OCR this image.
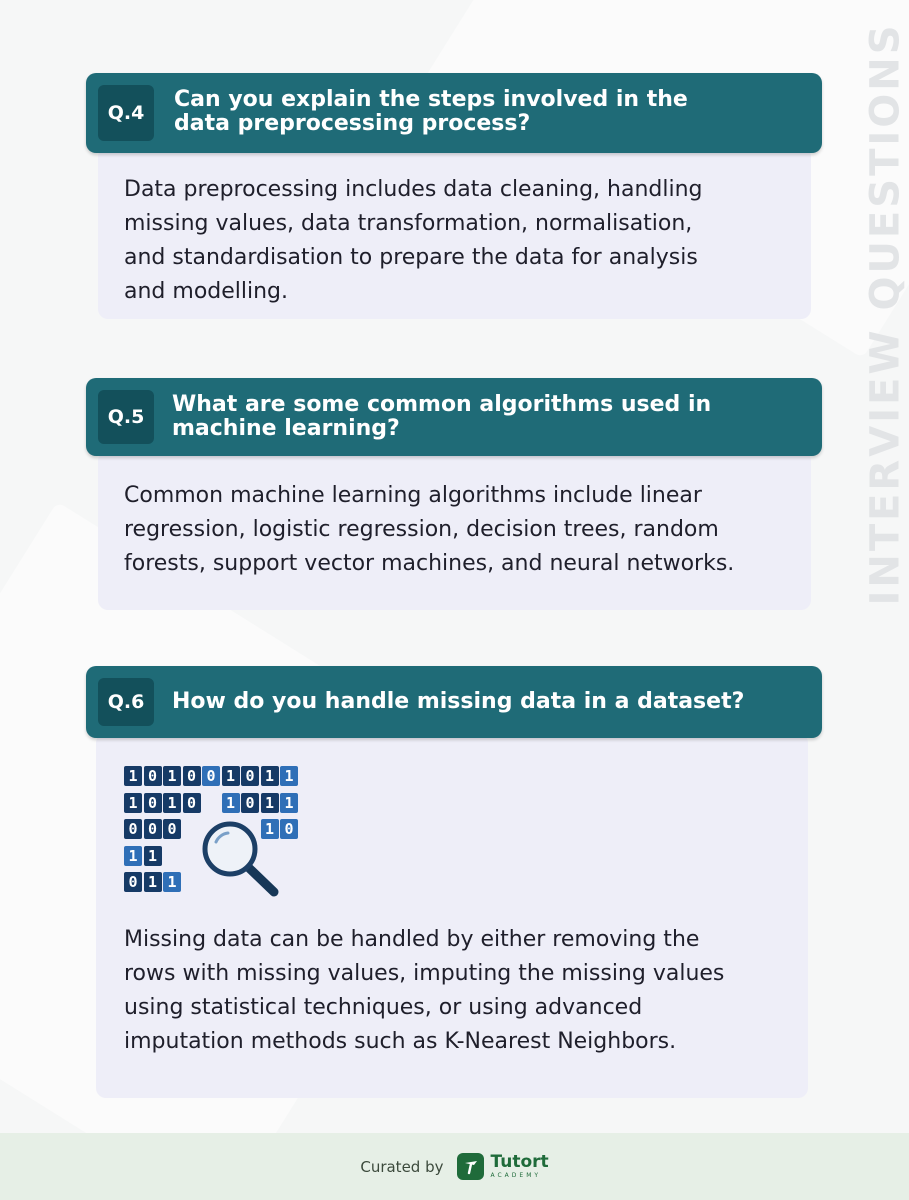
INTERVIEW QUESTIONS
Q.4
Can you explain the steps involved in the
data preprocessing process?
Data preprocessing includes data cleaning, handling
missing values, data transformation, normalisation,
and standardisation to prepare the data for analysis
and modelling.
Q.5	What are some common algorithms used in
machine learning?
Common machine learning algorithms include linear
regression, logistic regression, decision trees, random
forests, support vector machines, and neural networks.
Q.6	How do you handle missing data in a dataset?
1 0 1 0 0 1 0 1 1
1 0 1 0 1 0 1 1
0 0 0	1 0
1 1
0 1 1
Missing data can be handled by either removing the
rows with missing values, imputing the missing values
using statistical techniques, or using advanced
imputation methods such as K-Nearest Neighbors.
Curated by	Tutort
ACADEMY
